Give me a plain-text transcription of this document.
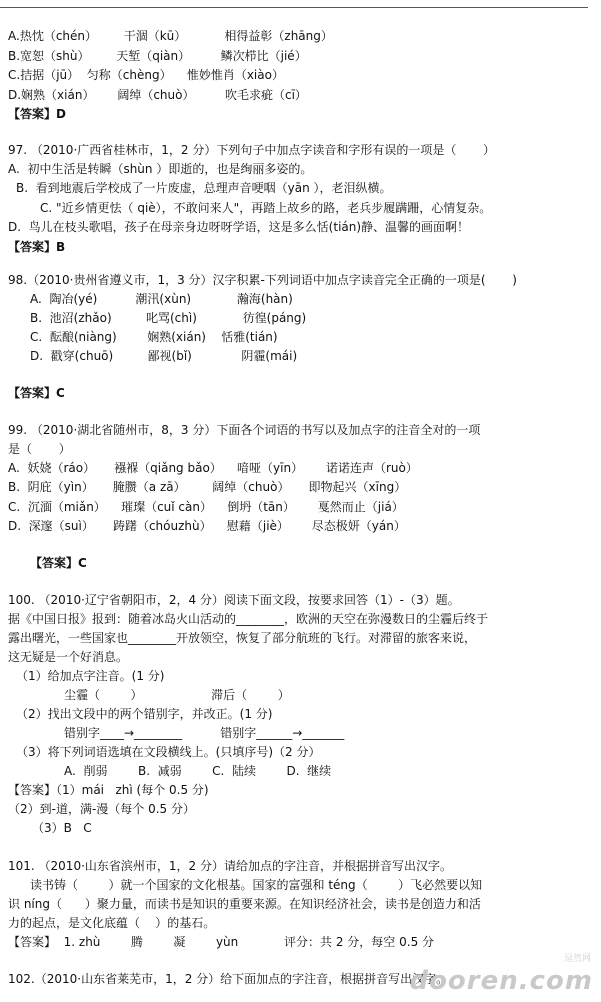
A.热忱（chén）       干涸（kū）          相得益彰（zhāng）
B.宽恕（shù）       天堑（qiàn）        鳞次栉比（jié）
C.拮据（jū）  匀称（chèng）    惟妙惟肖（xiào）
D.娴熟（xián）      阔绰（chuò）        吹毛求疵（cī）
【答案】D
97. （2010·广西省桂林市，1，2 分）下列句子中加点字读音和字形有误的一项是（       ）
A.  初中生活是转瞬（shùn ）即逝的，也是绚丽多姿的。
B.  看到地震后学校成了一片废虚，总理声音哽咽（yān ），老泪纵横。
C. "近乡情更怯（ qiè），不敢问来人"，再踏上故乡的路，老兵步履蹒跚，心情复杂。
D.  鸟儿在枝头歌唱，孩子在母亲身边呀呀学语，这是多么恬(tián)静、温馨的画面啊！
【答案】B
98.（2010·贵州省遵义市，1，3 分）汉字积累-下列词语中加点字读音完全正确的一项是(       )
A.  陶冶(yé)          潮汛(xùn)            瀚海(hàn)
B.  池沼(zhǎo)         叱骂(chì)            彷徨(páng)
C.  酝酿(niàng)        娴熟(xián)    恬雅(tián)
D.  戳穿(chuō)         鄙视(bǐ)             阴霾(mái)
【答案】C
99. （2010·湖北省随州市，8，3 分）下面各个词语的书写以及加点字的注音全对的一项
是（       ）
A.  妖娆（ráo）     襁褓（qiǎng bǎo）    喑哑（yīn）      诺诺连声（ruò）
B.  阴庇（yìn）     腌臜（a zā）       阔绰（chuò）     即物起兴（xīng）
C.  沉湎（miǎn）    璀璨（cuǐ càn）    倒坍（tān）      戛然而止（jiá）
D.  深邃（suì）     踌躇（chóuzhù）    慰藉（jiè）      尽态极妍（yán）
【答案】C
100. （2010·辽宁省朝阳市，2，4 分）阅读下面文段，按要求回答（1）-（3）题。
据《中国日报》报到：随着冰岛火山活动的________，欧洲的天空在弥漫数日的尘霾后终于
露出曙光，一些国家也________开放领空，恢复了部分航班的飞行。对滞留的旅客来说，
这无疑是一个好消息。
（1）给加点字注音。(1 分)
尘霾（        ）                  滞后（        ）
（2）找出文段中的两个错别字，并改正。(1 分)
错别字____→________          错别字______→_______
（3）将下列词语选填在文段横线上。(只填序号)（2 分）
A.  削弱        B.  减弱        C.  陆续        D.  继续
【答案】（1）mái   zhì (每个 0.5 分)
（2）到-道，满-漫（每个 0.5 分）
（3）B   C
101. （2010·山东省滨州市，1，2 分）请给加点的字注音，并根据拼音写出汉字。
读书铸（        ）就一个国家的文化根基。国家的富强和 téng（        ）飞必然要以知
识 níng（      ）聚力量，而读书是知识的重要来源。在知识经济社会，读书是创造力和活
力的起点，是文化底蕴（    ）的基石。
【答案】  1. zhù        腾        凝        yùn            评分：共 2 分，每空 0.5 分
102.（2010·山东省莱芜市，1，2 分）给下面加点的字注音，根据拼音写出汉字。
逗然网
dooren.com
